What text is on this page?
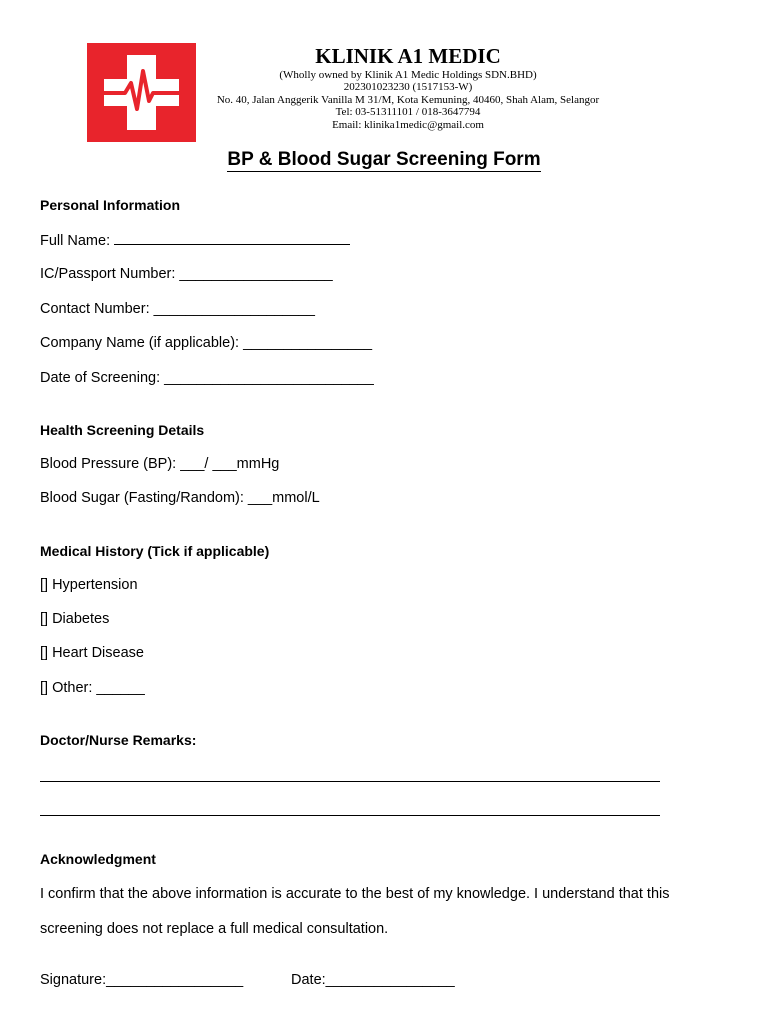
KLINIK A1 MEDIC
(Wholly owned by Klinik A1 Medic Holdings SDN.BHD)
202301023230 (1517153-W)
No. 40, Jalan Anggerik Vanilla M 31/M, Kota Kemuning, 40460, Shah Alam, Selangor
Tel: 03-51311101 / 018-3647794
Email: klinika1medic@gmail.com
BP & Blood Sugar Screening Form
Personal Information
Full Name:
IC/Passport Number: ___________________
Contact Number: ____________________
Company Name (if applicable): ________________
Date of Screening: __________________________
Health Screening Details
Blood Pressure (BP): ___/ ___mmHg
Blood Sugar (Fasting/Random): ___mmol/L
Medical History (Tick if applicable)
[] Hypertension
[] Diabetes
[] Heart Disease
[] Other: ______
Doctor/Nurse Remarks:
Acknowledgment
I confirm that the above information is accurate to the best of my knowledge. I understand that this
screening does not replace a full medical consultation.
Signature:_________________	Date:________________
